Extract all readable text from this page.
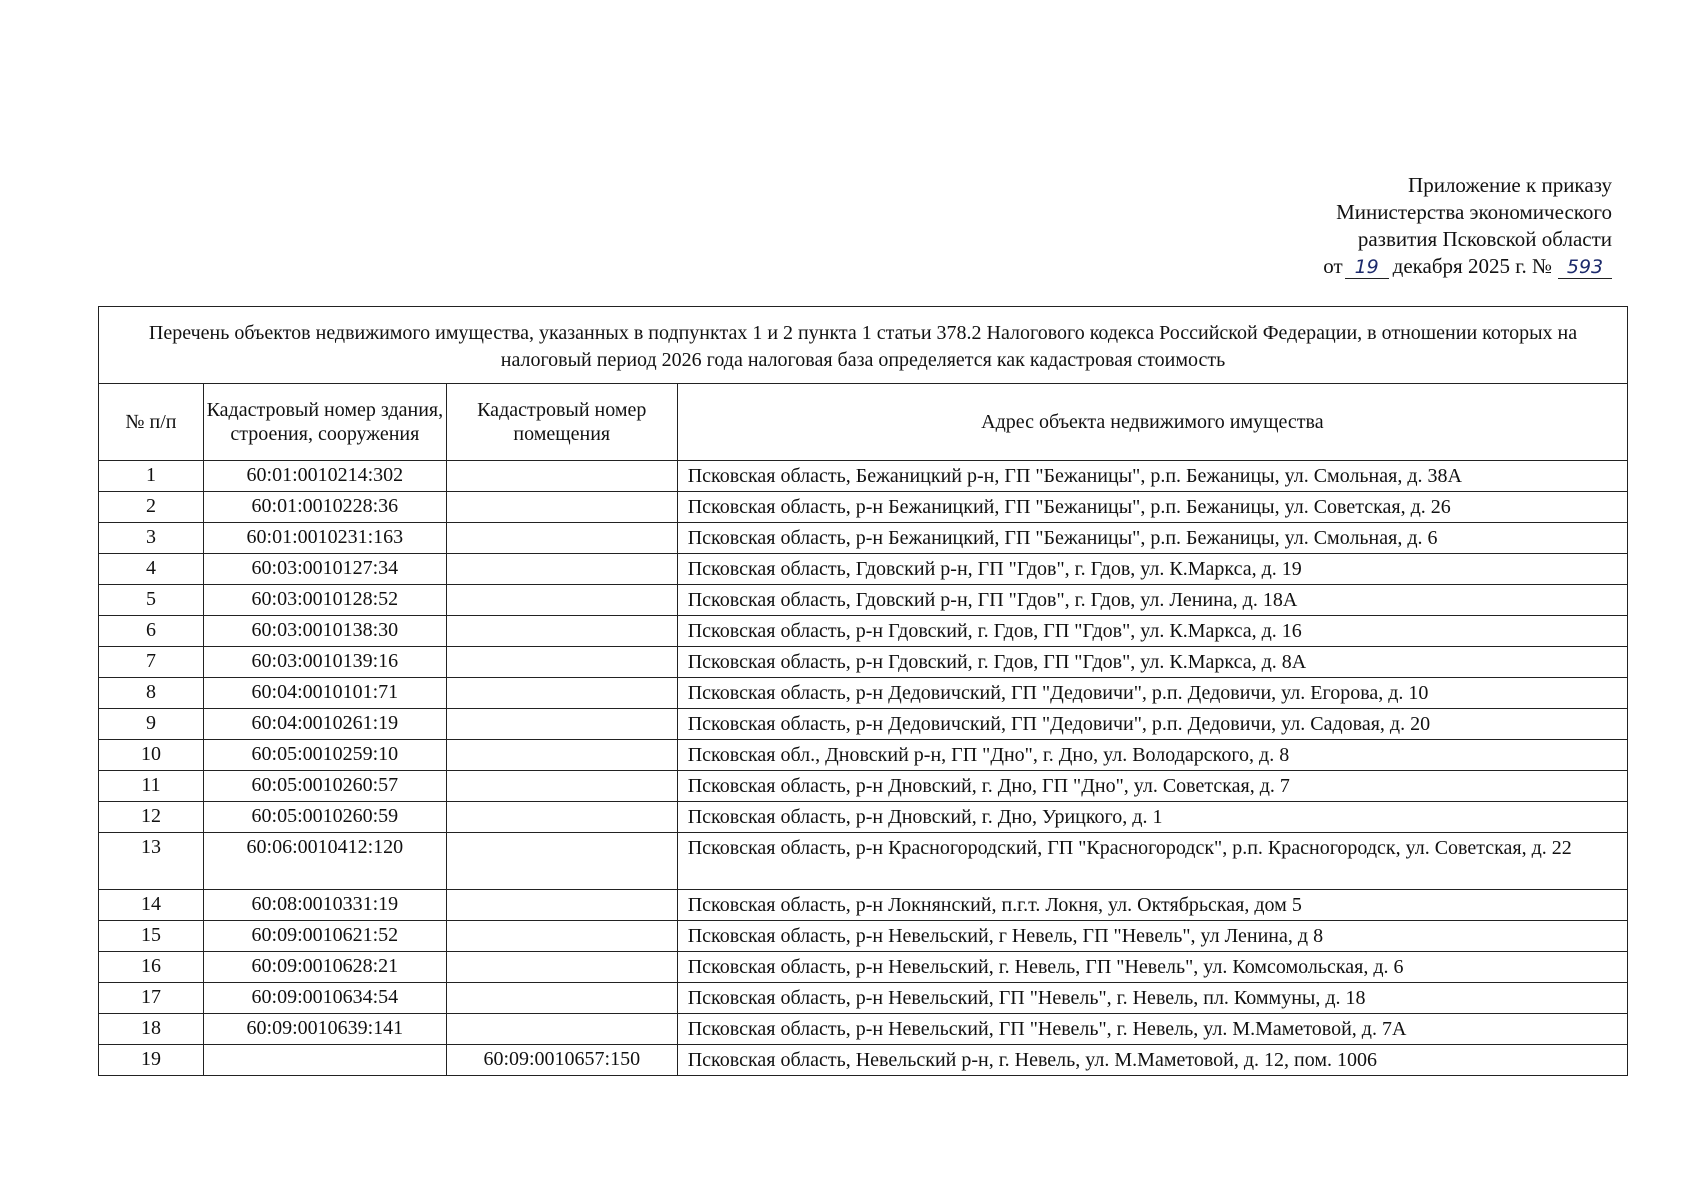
Приложение к приказу
Министерства экономического
развития Псковской области
от 19 декабря 2025 г. № 593
Перечень объектов недвижимого имущества, указанных в подпунктах 1 и 2 пункта 1 статьи 378.2 Налогового кодекса Российской Федерации, в отношении которых на налоговый период 2026 года налоговая база определяется как кадастровая стоимость			
№ п/п	Кадастровый номер здания, строения, сооружения	Кадастровый номер помещения	Адрес объекта недвижимого имущества
1	60:01:0010214:302		Псковская область, Бежаницкий р-н, ГП "Бежаницы", р.п. Бежаницы, ул. Смольная, д. 38А
2	60:01:0010228:36		Псковская область, р-н Бежаницкий, ГП "Бежаницы", р.п. Бежаницы, ул. Советская, д. 26
3	60:01:0010231:163		Псковская область, р-н Бежаницкий, ГП "Бежаницы", р.п. Бежаницы, ул. Смольная, д. 6
4	60:03:0010127:34		Псковская область, Гдовский р-н, ГП "Гдов", г. Гдов, ул. К.Маркса, д. 19
5	60:03:0010128:52		Псковская область, Гдовский р-н, ГП "Гдов", г. Гдов, ул. Ленина, д. 18А
6	60:03:0010138:30		Псковская область, р-н Гдовский, г. Гдов, ГП "Гдов", ул. К.Маркса, д. 16
7	60:03:0010139:16		Псковская область, р-н Гдовский, г. Гдов, ГП "Гдов", ул. К.Маркса, д. 8А
8	60:04:0010101:71		Псковская область, р-н Дедовичский, ГП "Дедовичи", р.п. Дедовичи, ул. Егорова, д. 10
9	60:04:0010261:19		Псковская область, р-н Дедовичский, ГП "Дедовичи", р.п. Дедовичи, ул. Садовая, д. 20
10	60:05:0010259:10		Псковская обл., Дновский р-н, ГП "Дно", г. Дно, ул. Володарского, д. 8
11	60:05:0010260:57		Псковская область, р-н Дновский, г. Дно, ГП "Дно", ул. Советская, д. 7
12	60:05:0010260:59		Псковская область, р-н Дновский, г. Дно, Урицкого, д. 1
13	60:06:0010412:120		Псковская область, р-н Красногородский, ГП "Красногородск", р.п. Красногородск, ул. Советская, д. 22
14	60:08:0010331:19		Псковская область, р-н Локнянский, п.г.т. Локня, ул. Октябрьская, дом 5
15	60:09:0010621:52		Псковская область, р-н Невельский, г Невель, ГП "Невель", ул Ленина, д 8
16	60:09:0010628:21		Псковская область, р-н Невельский, г. Невель, ГП "Невель", ул. Комсомольская, д. 6
17	60:09:0010634:54		Псковская область, р-н Невельский, ГП "Невель", г. Невель, пл. Коммуны, д. 18
18	60:09:0010639:141		Псковская область, р-н Невельский, ГП "Невель", г. Невель, ул. М.Маметовой, д. 7А
19		60:09:0010657:150	Псковская область, Невельский р-н, г. Невель, ул. М.Маметовой, д. 12, пом. 1006
